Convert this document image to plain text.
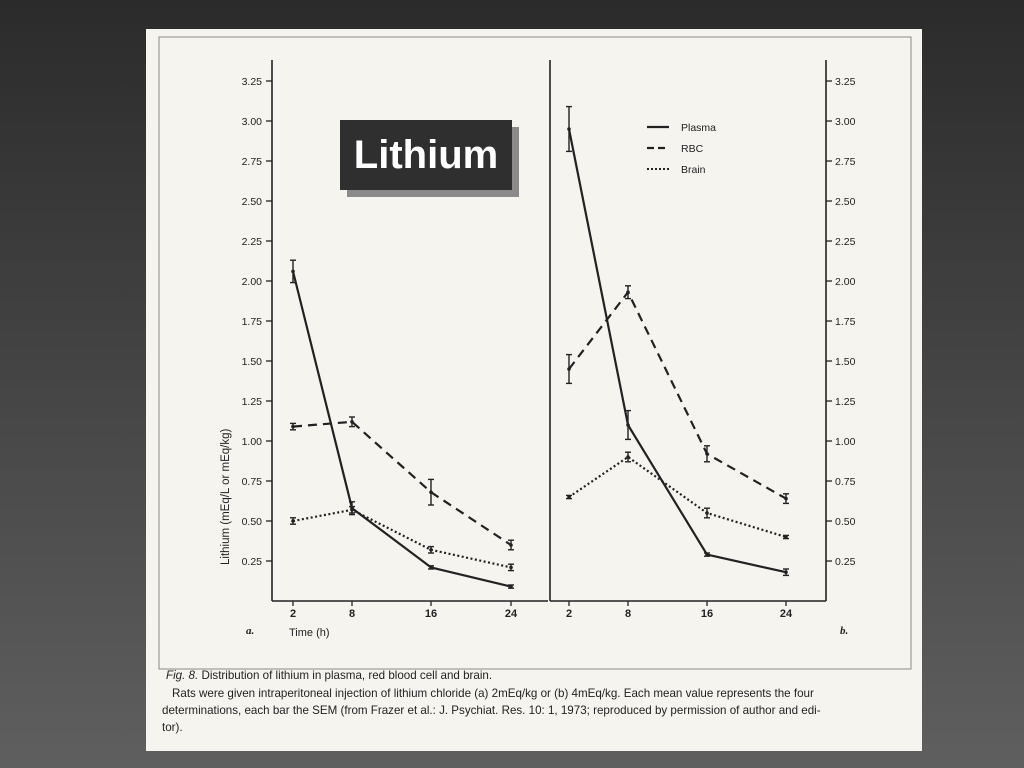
0.25
0.50
0.75
1.00
1.25
1.50
1.75
2.00
2.25
2.50
2.75
3.00
3.25
2	8	16	24
0.25
0.50
0.75
1.00
1.25
1.50
1.75
2.00
2.25
2.50
2.75
3.00
3.25
2	8	16	24
Lithium (mEq/L or mEq/kg)
a.	Time (h)	b.
Plasma
RBC
Brain
Lithium
Fig. 8. Distribution of lithium in plasma, red blood cell and brain.
Rats were given intraperitoneal injection of lithium chloride (a) 2mEq/kg or (b) 4mEq/kg. Each mean value represents the four
determinations, each bar the SEM (from Frazer et al.: J. Psychiat. Res. 10: 1, 1973; reproduced by permission of author and edi-
tor).
